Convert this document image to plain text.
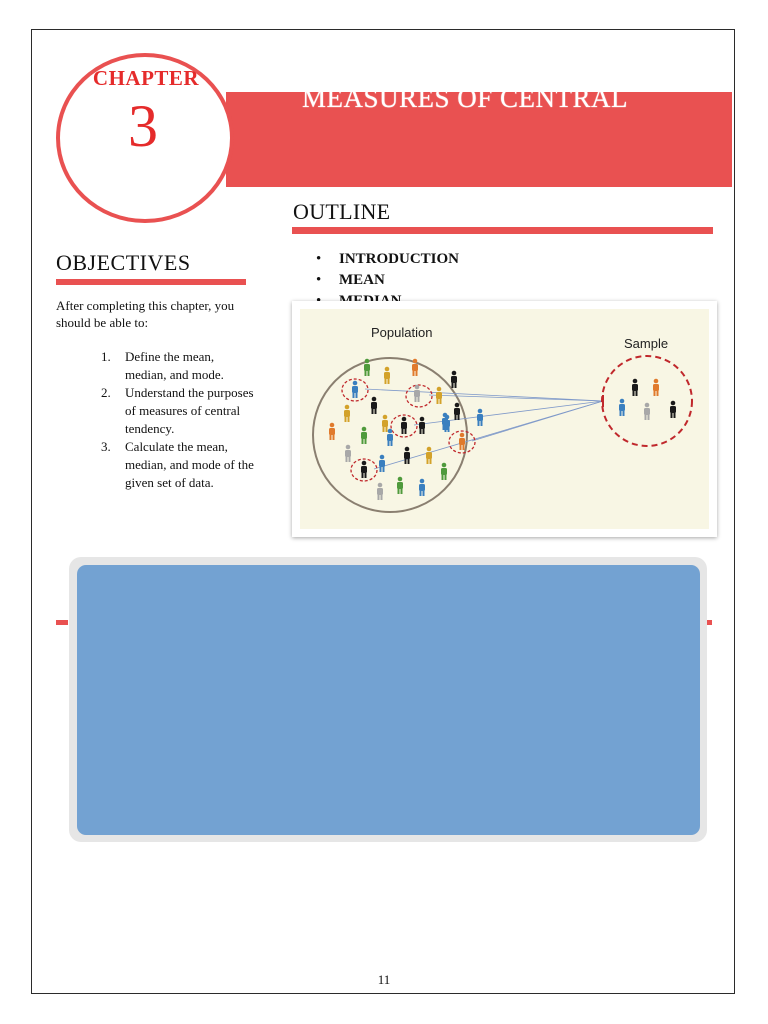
MEASURES OF CENTRAL
CHAPTER
3
OUTLINE
• INTRODUCTION
• MEAN
OBJECTIVES
After completing this chapter, you should be able to:
1. Define the mean, median, and mode.
2. Understand the purposes of measures of central tendency.
3. Calculate the mean, median, and mode of the given set of data.
Population
Sample
11
